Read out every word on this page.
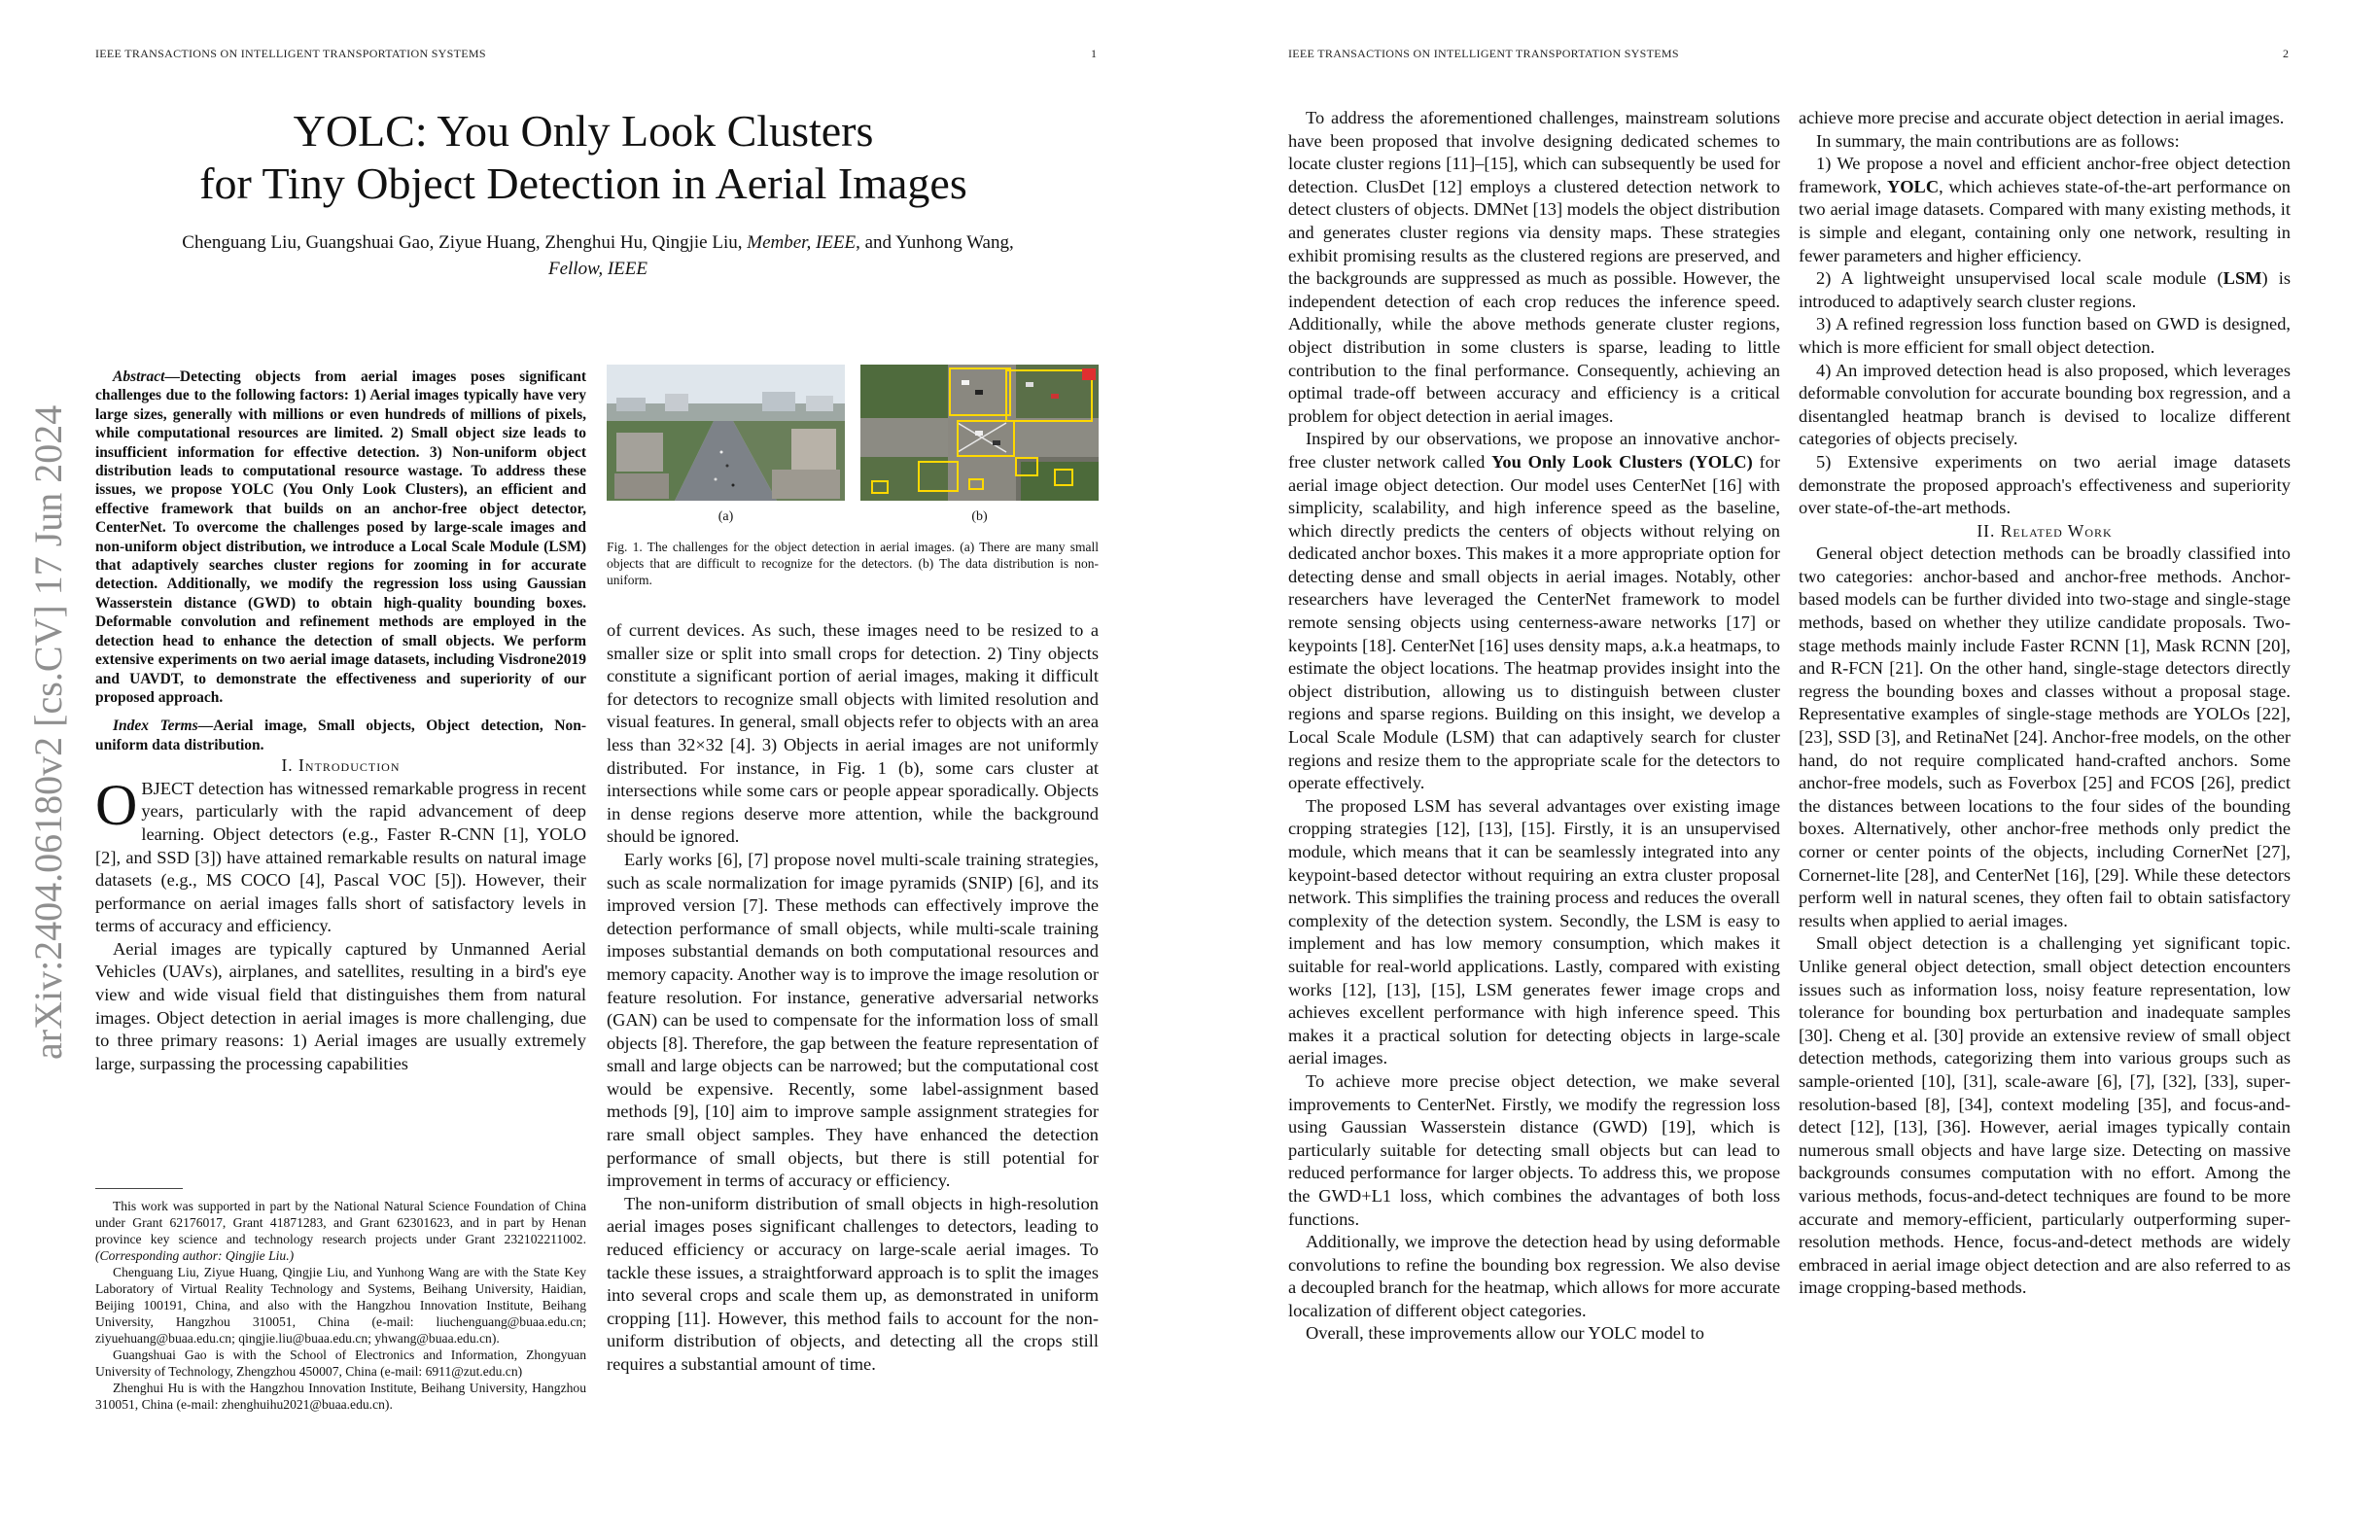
IEEE TRANSACTIONS ON INTELLIGENT TRANSPORTATION SYSTEMS	1
arXiv:2404.06180v2 [cs.CV] 17 Jun 2024
YOLC: You Only Look Clusters
for Tiny Object Detection in Aerial Images
Chenguang Liu, Guangshuai Gao, Ziyue Huang, Zhenghui Hu, Qingjie Liu, Member, IEEE, and Yunhong Wang,
Fellow, IEEE

Abstract—Detecting objects from aerial images poses significant challenges due to the following factors: 1) Aerial images typically have very large sizes, generally with millions or even hundreds of millions of pixels, while computational resources are limited. 2) Small object size leads to insufficient information for effective detection. 3) Non-uniform object distribution leads to computational resource wastage. To address these issues, we propose YOLC (You Only Look Clusters), an efficient and effective framework that builds on an anchor-free object detector, CenterNet. To overcome the challenges posed by large-scale images and non-uniform object distribution, we introduce a Local Scale Module (LSM) that adaptively searches cluster regions for zooming in for accurate detection. Additionally, we modify the regression loss using Gaussian Wasserstein distance (GWD) to obtain high-quality bounding boxes. Deformable convolution and refinement methods are employed in the detection head to enhance the detection of small objects. We perform extensive experiments on two aerial image datasets, including Visdrone2019 and UAVDT, to demonstrate the effectiveness and superiority of our proposed approach.

Index Terms—Aerial image, Small objects, Object detection, Non-uniform data distribution.

I. Introduction

OBJECT detection has witnessed remarkable progress in recent years, particularly with the rapid advancement of deep learning. Object detectors (e.g., Faster R-CNN [1], YOLO [2], and SSD [3]) have attained remarkable results on natural image datasets (e.g., MS COCO [4], Pascal VOC [5]). However, their performance on aerial images falls short of satisfactory levels in terms of accuracy and efficiency.

Aerial images are typically captured by Unmanned Aerial Vehicles (UAVs), airplanes, and satellites, resulting in a bird's eye view and wide visual field that distinguishes them from natural images. Object detection in aerial images is more challenging, due to three primary reasons: 1) Aerial images are usually extremely large, surpassing the processing capabilities

This work was supported in part by the National Natural Science Foundation of China under Grant 62176017, Grant 41871283, and Grant 62301623, and in part by Henan province key science and technology research projects under Grant 232102211002. (Corresponding author: Qingjie Liu.)

Chenguang Liu, Ziyue Huang, Qingjie Liu, and Yunhong Wang are with the State Key Laboratory of Virtual Reality Technology and Systems, Beihang University, Haidian, Beijing 100191, China, and also with the Hangzhou Innovation Institute, Beihang University, Hangzhou 310051, China (e-mail: liuchenguang@buaa.edu.cn; ziyuehuang@buaa.edu.cn; qingjie.liu@buaa.edu.cn; yhwang@buaa.edu.cn).

Guangshuai Gao is with the School of Electronics and Information, Zhongyuan University of Technology, Zhengzhou 450007, China (e-mail: 6911@zut.edu.cn)

Zhenghui Hu is with the Hangzhou Innovation Institute, Beihang University, Hangzhou 310051, China (e-mail: zhenghuihu2021@buaa.edu.cn).

(a)	(b)
Fig. 1. The challenges for the object detection in aerial images. (a) There are many small objects that are difficult to recognize for the detectors. (b) The data distribution is non-uniform.

of current devices. As such, these images need to be resized to a smaller size or split into small crops for detection. 2) Tiny objects constitute a significant portion of aerial images, making it difficult for detectors to recognize small objects with limited resolution and visual features. In general, small objects refer to objects with an area less than 32×32 [4]. 3) Objects in aerial images are not uniformly distributed. For instance, in Fig. 1 (b), some cars cluster at intersections while some cars or people appear sporadically. Objects in dense regions deserve more attention, while the background should be ignored.

Early works [6], [7] propose novel multi-scale training strategies, such as scale normalization for image pyramids (SNIP) [6], and its improved version [7]. These methods can effectively improve the detection performance of small objects, while multi-scale training imposes substantial demands on both computational resources and memory capacity. Another way is to improve the image resolution or feature resolution. For instance, generative adversarial networks (GAN) can be used to compensate for the information loss of small objects [8]. Therefore, the gap between the feature representation of small and large objects can be narrowed; but the computational cost would be expensive. Recently, some label-assignment based methods [9], [10] aim to improve sample assignment strategies for rare small object samples. They have enhanced the detection performance of small objects, but there is still potential for improvement in terms of accuracy or efficiency.

The non-uniform distribution of small objects in high-resolution aerial images poses significant challenges to detectors, leading to reduced efficiency or accuracy on large-scale aerial images. To tackle these issues, a straightforward approach is to split the images into several crops and scale them up, as demonstrated in uniform cropping [11]. However, this method fails to account for the non-uniform distribution of objects, and detecting all the crops still requires a substantial amount of time.

IEEE TRANSACTIONS ON INTELLIGENT TRANSPORTATION SYSTEMS	2

To address the aforementioned challenges, mainstream solutions have been proposed that involve designing dedicated schemes to locate cluster regions [11]–[15], which can subsequently be used for detection. ClusDet [12] employs a clustered detection network to detect clusters of objects. DMNet [13] models the object distribution and generates cluster regions via density maps. These strategies exhibit promising results as the clustered regions are preserved, and the backgrounds are suppressed as much as possible. However, the independent detection of each crop reduces the inference speed. Additionally, while the above methods generate cluster regions, object distribution in some clusters is sparse, leading to little contribution to the final performance. Consequently, achieving an optimal trade-off between accuracy and efficiency is a critical problem for object detection in aerial images.

Inspired by our observations, we propose an innovative anchor-free cluster network called You Only Look Clusters (YOLC) for aerial image object detection. Our model uses CenterNet [16] with simplicity, scalability, and high inference speed as the baseline, which directly predicts the centers of objects without relying on dedicated anchor boxes. This makes it a more appropriate option for detecting dense and small objects in aerial images. Notably, other researchers have leveraged the CenterNet framework to model remote sensing objects using centerness-aware networks [17] or keypoints [18]. CenterNet [16] uses density maps, a.k.a heatmaps, to estimate the object locations. The heatmap provides insight into the object distribution, allowing us to distinguish between cluster regions and sparse regions. Building on this insight, we develop a Local Scale Module (LSM) that can adaptively search for cluster regions and resize them to the appropriate scale for the detectors to operate effectively.

The proposed LSM has several advantages over existing image cropping strategies [12], [13], [15]. Firstly, it is an unsupervised module, which means that it can be seamlessly integrated into any keypoint-based detector without requiring an extra cluster proposal network. This simplifies the training process and reduces the overall complexity of the detection system. Secondly, the LSM is easy to implement and has low memory consumption, which makes it suitable for real-world applications. Lastly, compared with existing works [12], [13], [15], LSM generates fewer image crops and achieves excellent performance with high inference speed. This makes it a practical solution for detecting objects in large-scale aerial images.

To achieve more precise object detection, we make several improvements to CenterNet. Firstly, we modify the regression loss using Gaussian Wasserstein distance (GWD) [19], which is particularly suitable for detecting small objects but can lead to reduced performance for larger objects. To address this, we propose the GWD+L1 loss, which combines the advantages of both loss functions.

Additionally, we improve the detection head by using deformable convolutions to refine the bounding box regression. We also devise a decoupled branch for the heatmap, which allows for more accurate localization of different object categories.

Overall, these improvements allow our YOLC model to

achieve more precise and accurate object detection in aerial images.

In summary, the main contributions are as follows:

1) We propose a novel and efficient anchor-free object detection framework, YOLC, which achieves state-of-the-art performance on two aerial image datasets. Compared with many existing methods, it is simple and elegant, containing only one network, resulting in fewer parameters and higher efficiency.

2) A lightweight unsupervised local scale module (LSM) is introduced to adaptively search cluster regions.

3) A refined regression loss function based on GWD is designed, which is more efficient for small object detection.

4) An improved detection head is also proposed, which leverages deformable convolution for accurate bounding box regression, and a disentangled heatmap branch is devised to localize different categories of objects precisely.

5) Extensive experiments on two aerial image datasets demonstrate the proposed approach's effectiveness and superiority over state-of-the-art methods.

II. Related Work

General object detection methods can be broadly classified into two categories: anchor-based and anchor-free methods. Anchor-based models can be further divided into two-stage and single-stage methods, based on whether they utilize candidate proposals. Two-stage methods mainly include Faster RCNN [1], Mask RCNN [20], and R-FCN [21]. On the other hand, single-stage detectors directly regress the bounding boxes and classes without a proposal stage. Representative examples of single-stage methods are YOLOs [22], [23], SSD [3], and RetinaNet [24]. Anchor-free models, on the other hand, do not require complicated hand-crafted anchors. Some anchor-free models, such as Foverbox [25] and FCOS [26], predict the distances between locations to the four sides of the bounding boxes. Alternatively, other anchor-free methods only predict the corner or center points of the objects, including CornerNet [27], Cornernet-lite [28], and CenterNet [16], [29]. While these detectors perform well in natural scenes, they often fail to obtain satisfactory results when applied to aerial images.

Small object detection is a challenging yet significant topic. Unlike general object detection, small object detection encounters issues such as information loss, noisy feature representation, low tolerance for bounding box perturbation and inadequate samples [30]. Cheng et al. [30] provide an extensive review of small object detection methods, categorizing them into various groups such as sample-oriented [10], [31], scale-aware [6], [7], [32], [33], super-resolution-based [8], [34], context modeling [35], and focus-and-detect [12], [13], [36]. However, aerial images typically contain numerous small objects and have large size. Detecting on massive backgrounds consumes computation with no effort. Among the various methods, focus-and-detect techniques are found to be more accurate and memory-efficient, particularly outperforming super-resolution methods. Hence, focus-and-detect methods are widely embraced in aerial image object detection and are also referred to as image cropping-based methods.
